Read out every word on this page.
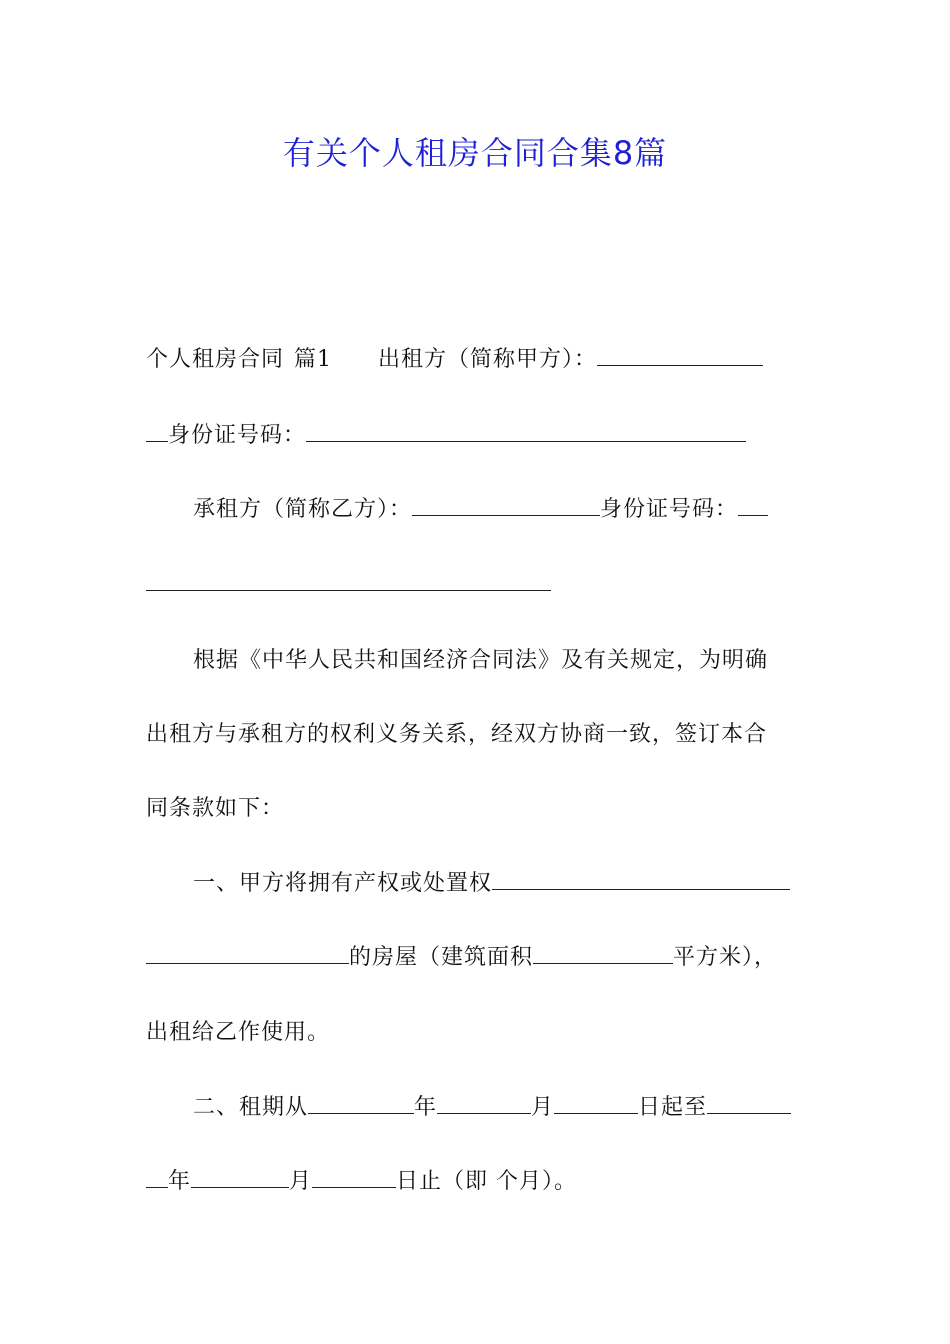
有关个人租房合同合集8篇
个人租房合同 篇1 出租方（简称甲方）：
身份证号码：
承租方（简称乙方）：	身份证号码：
根据《中华人民共和国经济合同法》及有关规定，为明确
出租方与承租方的权利义务关系，经双方协商一致，签订本合
同条款如下：
一、甲方将拥有产权或处置权
的房屋（建筑面积	平方米），
出租给乙作使用。
二、租期从	年	月	日起至
年	月	日止（即 个月）。
